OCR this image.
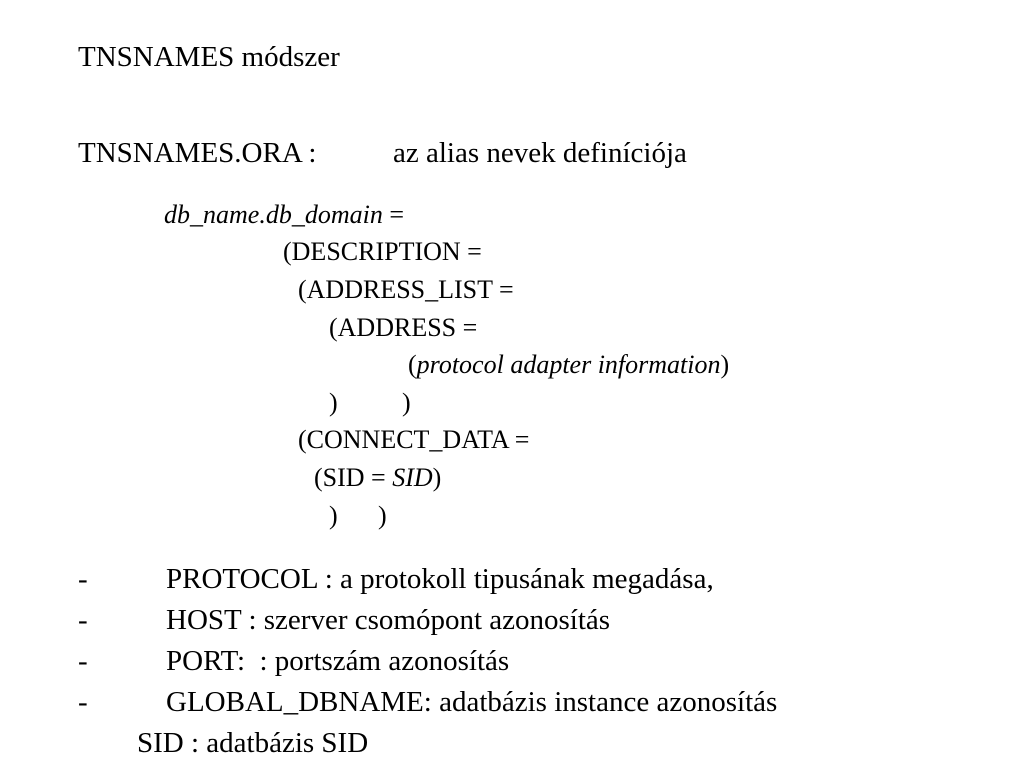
TNSNAMES módszer
TNSNAMES.ORA :	az alias nevek definíciója
db_name.db_domain =
(DESCRIPTION =
(ADDRESS_LIST =
(ADDRESS =
(protocol adapter information)
) )
(CONNECT_DATA =
(SID = SID)
) )
-	PROTOCOL : a protokoll tipusának megadása,
-	HOST : szerver csomópont azonosítás
-	PORT:  : portszám azonosítás
-	GLOBAL_DBNAME: adatbázis instance azonosítás
SID : adatbázis SID
